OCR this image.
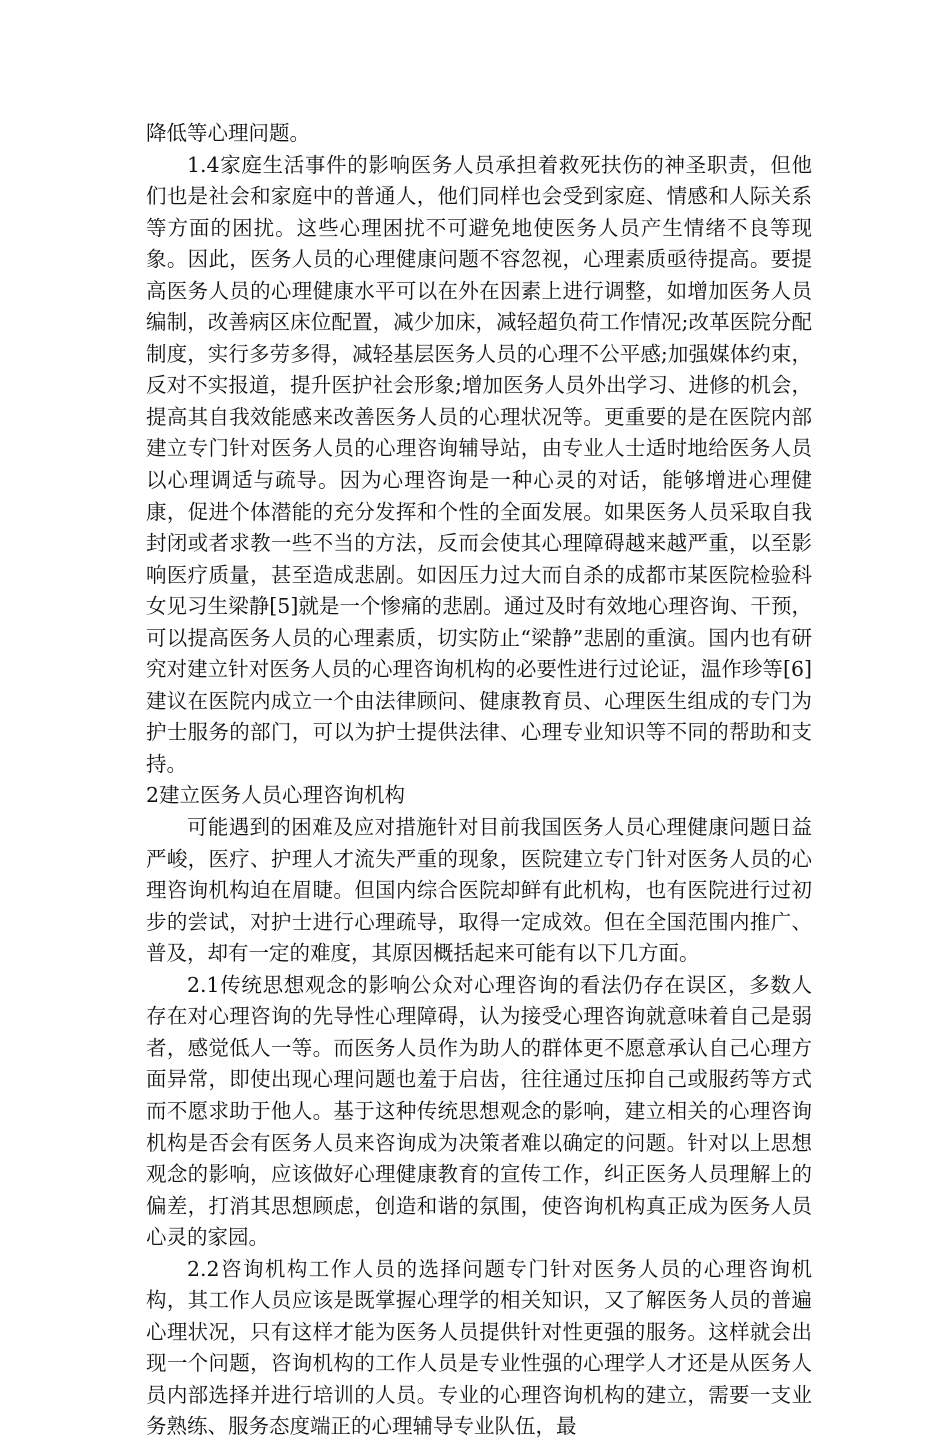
降低等心理问题。

1.4家庭生活事件的影响医务人员承担着救死扶伤的神圣职责，但他们也是社会和家庭中的普通人，他们同样也会受到家庭、情感和人际关系等方面的困扰。这些心理困扰不可避免地使医务人员产生情绪不良等现象。因此，医务人员的心理健康问题不容忽视，心理素质亟待提高。要提高医务人员的心理健康水平可以在外在因素上进行调整，如增加医务人员编制，改善病区床位配置，减少加床，减轻超负荷工作情况;改革医院分配制度，实行多劳多得，减轻基层医务人员的心理不公平感;加强媒体约束，反对不实报道，提升医护社会形象;增加医务人员外出学习、进修的机会，提高其自我效能感来改善医务人员的心理状况等。更重要的是在医院内部建立专门针对医务人员的心理咨询辅导站，由专业人士适时地给医务人员以心理调适与疏导。因为心理咨询是一种心灵的对话，能够增进心理健康，促进个体潜能的充分发挥和个性的全面发展。如果医务人员采取自我封闭或者求教一些不当的方法，反而会使其心理障碍越来越严重，以至影响医疗质量，甚至造成悲剧。如因压力过大而自杀的成都市某医院检验科女见习生梁静[5]就是一个惨痛的悲剧。通过及时有效地心理咨询、干预，可以提高医务人员的心理素质，切实防止“梁静”悲剧的重演。国内也有研究对建立针对医务人员的心理咨询机构的必要性进行过论证，温作珍等[6]建议在医院内成立一个由法律顾问、健康教育员、心理医生组成的专门为护士服务的部门，可以为护士提供法律、心理专业知识等不同的帮助和支持。

2建立医务人员心理咨询机构

可能遇到的困难及应对措施针对目前我国医务人员心理健康问题日益严峻，医疗、护理人才流失严重的现象，医院建立专门针对医务人员的心理咨询机构迫在眉睫。但国内综合医院却鲜有此机构，也有医院进行过初步的尝试，对护士进行心理疏导，取得一定成效。但在全国范围内推广、普及，却有一定的难度，其原因概括起来可能有以下几方面。

2.1传统思想观念的影响公众对心理咨询的看法仍存在误区，多数人存在对心理咨询的先导性心理障碍，认为接受心理咨询就意味着自己是弱者，感觉低人一等。而医务人员作为助人的群体更不愿意承认自己心理方面异常，即使出现心理问题也羞于启齿，往往通过压抑自己或服药等方式而不愿求助于他人。基于这种传统思想观念的影响，建立相关的心理咨询机构是否会有医务人员来咨询成为决策者难以确定的问题。针对以上思想观念的影响，应该做好心理健康教育的宣传工作，纠正医务人员理解上的偏差，打消其思想顾虑，创造和谐的氛围，使咨询机构真正成为医务人员心灵的家园。

2.2咨询机构工作人员的选择问题专门针对医务人员的心理咨询机构，其工作人员应该是既掌握心理学的相关知识，又了解医务人员的普遍心理状况，只有这样才能为医务人员提供针对性更强的服务。这样就会出现一个问题，咨询机构的工作人员是专业性强的心理学人才还是从医务人员内部选择并进行培训的人员。专业的心理咨询机构的建立，需要一支业务熟练、服务态度端正的心理辅导专业队伍，最
